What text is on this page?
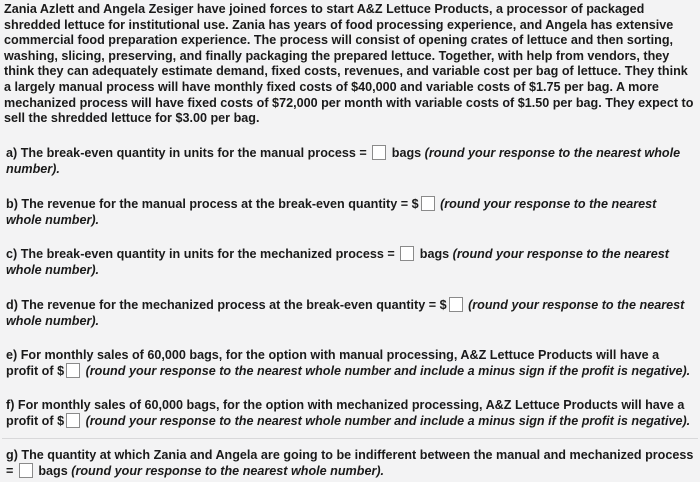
Zania Azlett and Angela Zesiger have joined forces to start A&Z Lettuce Products, a processor of packaged shredded lettuce for institutional use. Zania has years of food processing experience, and Angela has extensive commercial food preparation experience. The process will consist of opening crates of lettuce and then sorting, washing, slicing, preserving, and finally packaging the prepared lettuce. Together, with help from vendors, they think they can adequately estimate demand, fixed costs, revenues, and variable cost per bag of lettuce. They think a largely manual process will have monthly fixed costs of $40,000 and variable costs of $1.75 per bag. A more mechanized process will have fixed costs of $72,000 per month with variable costs of $1.50 per bag. They expect to sell the shredded lettuce for $3.00 per bag.
a) The break-even quantity in units for the manual process =  bags (round your response to the nearest whole number).
b) The revenue for the manual process at the break-even quantity = $ (round your response to the nearest whole number).
c) The break-even quantity in units for the mechanized process =  bags (round your response to the nearest whole number).
d) The revenue for the mechanized process at the break-even quantity = $ (round your response to the nearest whole number).
e) For monthly sales of 60,000 bags, for the option with manual processing, A&Z Lettuce Products will have a profit of $ (round your response to the nearest whole number and include a minus sign if the profit is negative).
f) For monthly sales of 60,000 bags, for the option with mechanized processing, A&Z Lettuce Products will have a profit of $ (round your response to the nearest whole number and include a minus sign if the profit is negative).
g) The quantity at which Zania and Angela are going to be indifferent between the manual and mechanized process =  bags (round your response to the nearest whole number).
